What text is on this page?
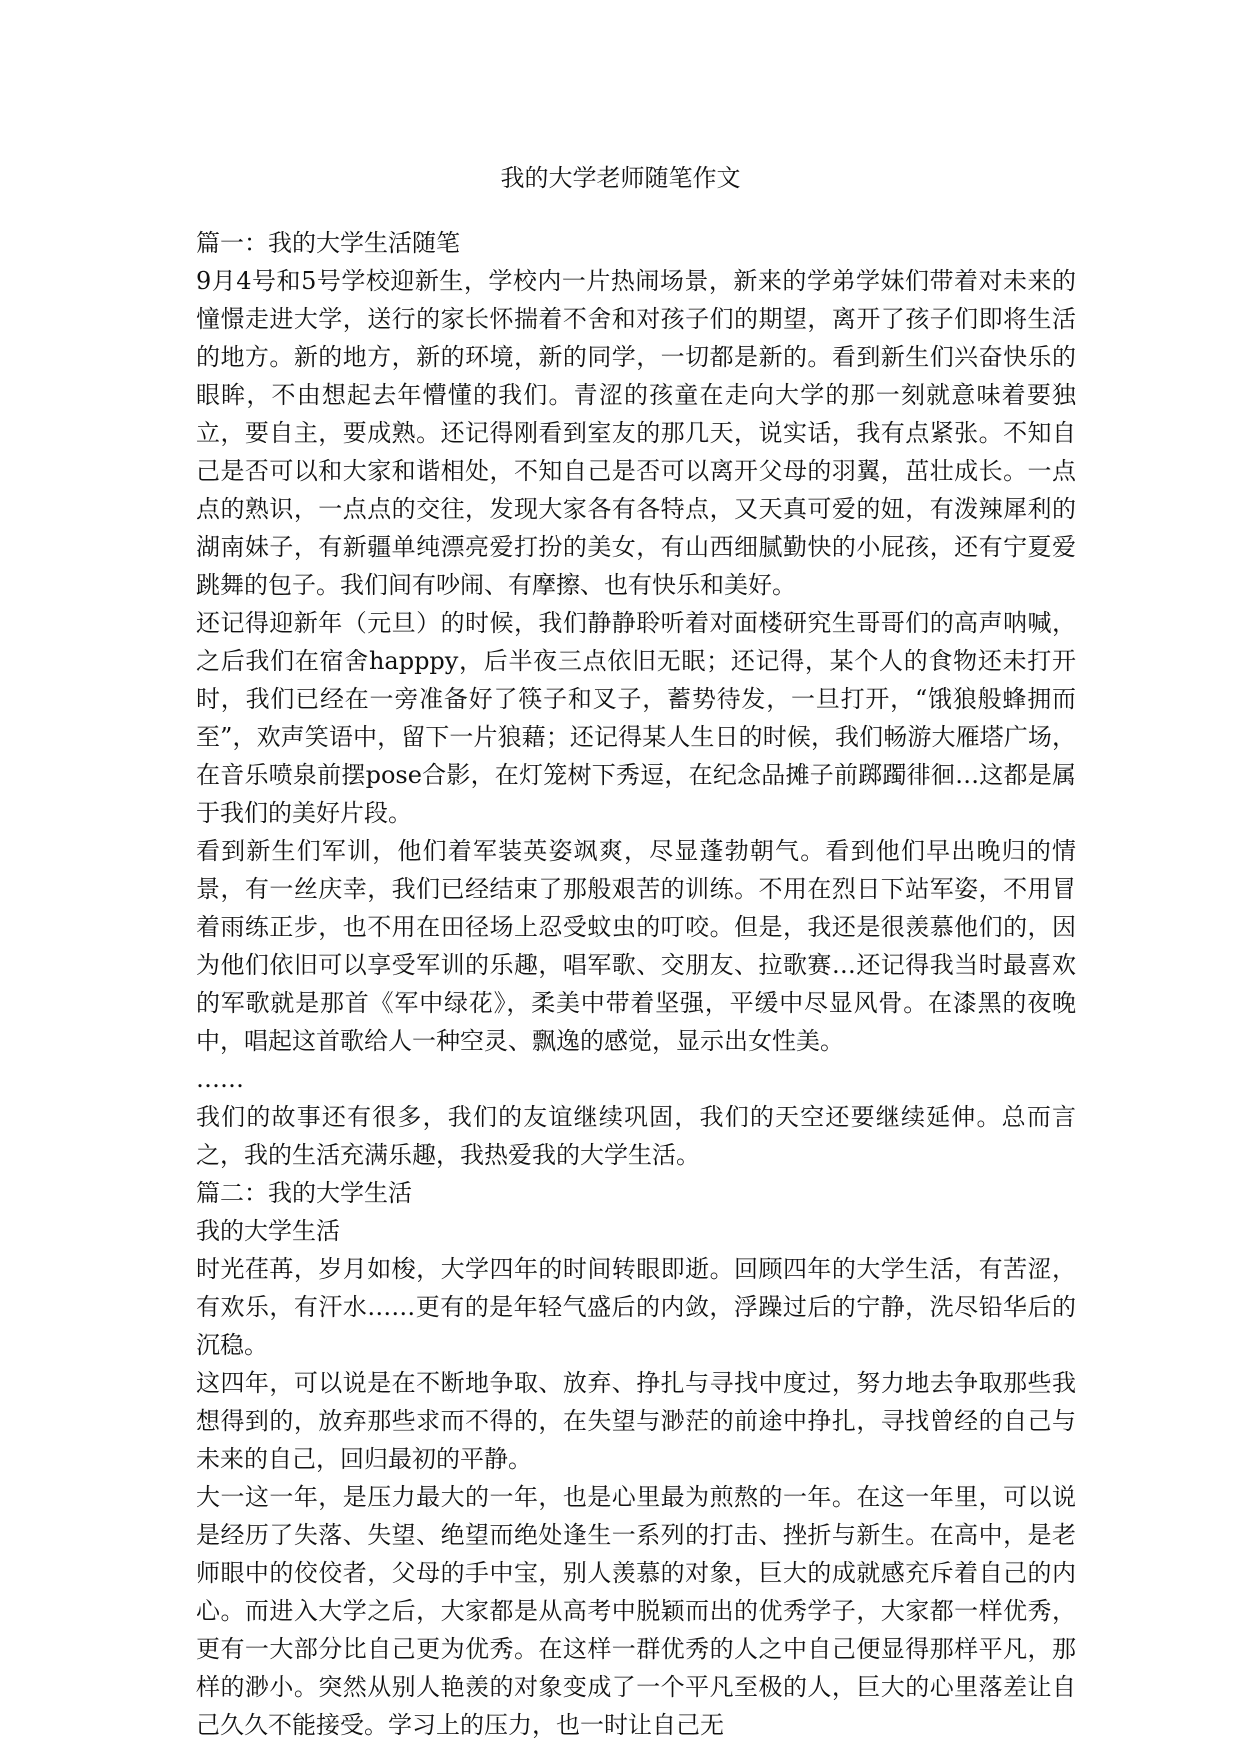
我的大学老师随笔作文

篇一：我的大学生活随笔

9月4号和5号学校迎新生，学校内一片热闹场景，新来的学弟学妹们带着对未来的憧憬走进大学，送行的家长怀揣着不舍和对孩子们的期望，离开了孩子们即将生活的地方。新的地方，新的环境，新的同学，一切都是新的。看到新生们兴奋快乐的眼眸，不由想起去年懵懂的我们。青涩的孩童在走向大学的那一刻就意味着要独立，要自主，要成熟。还记得刚看到室友的那几天，说实话，我有点紧张。不知自己是否可以和大家和谐相处，不知自己是否可以离开父母的羽翼，茁壮成长。一点点的熟识，一点点的交往，发现大家各有各特点，又天真可爱的妞，有泼辣犀利的湖南妹子，有新疆单纯漂亮爱打扮的美女，有山西细腻勤快的小屁孩，还有宁夏爱跳舞的包子。我们间有吵闹、有摩擦、也有快乐和美好。

还记得迎新年（元旦）的时候，我们静静聆听着对面楼研究生哥哥们的高声呐喊，之后我们在宿舍happpy，后半夜三点依旧无眠；还记得，某个人的食物还未打开时，我们已经在一旁准备好了筷子和叉子，蓄势待发，一旦打开，“饿狼般蜂拥而至”，欢声笑语中，留下一片狼藉；还记得某人生日的时候，我们畅游大雁塔广场，在音乐喷泉前摆pose合影，在灯笼树下秀逗，在纪念品摊子前踯躅徘徊…这都是属于我们的美好片段。

看到新生们军训，他们着军装英姿飒爽，尽显蓬勃朝气。看到他们早出晚归的情景，有一丝庆幸，我们已经结束了那般艰苦的训练。不用在烈日下站军姿，不用冒着雨练正步，也不用在田径场上忍受蚊虫的叮咬。但是，我还是很羡慕他们的，因为他们依旧可以享受军训的乐趣，唱军歌、交朋友、拉歌赛…还记得我当时最喜欢的军歌就是那首《军中绿花》，柔美中带着坚强，平缓中尽显风骨。在漆黑的夜晚中，唱起这首歌给人一种空灵、飘逸的感觉，显示出女性美。

……

我们的故事还有很多，我们的友谊继续巩固，我们的天空还要继续延伸。总而言之，我的生活充满乐趣，我热爱我的大学生活。

篇二：我的大学生活

我的大学生活

时光荏苒，岁月如梭，大学四年的时间转眼即逝。回顾四年的大学生活，有苦涩，有欢乐，有汗水……更有的是年轻气盛后的内敛，浮躁过后的宁静，洗尽铅华后的沉稳。

这四年，可以说是在不断地争取、放弃、挣扎与寻找中度过，努力地去争取那些我想得到的，放弃那些求而不得的，在失望与渺茫的前途中挣扎，寻找曾经的自己与未来的自己，回归最初的平静。

大一这一年，是压力最大的一年，也是心里最为煎熬的一年。在这一年里，可以说是经历了失落、失望、绝望而绝处逢生一系列的打击、挫折与新生。在高中，是老师眼中的佼佼者，父母的手中宝，别人羡慕的对象，巨大的成就感充斥着自己的内心。而进入大学之后，大家都是从高考中脱颖而出的优秀学子，大家都一样优秀，更有一大部分比自己更为优秀。在这样一群优秀的人之中自己便显得那样平凡，那样的渺小。突然从别人艳羡的对象变成了一个平凡至极的人，巨大的心里落差让自己久久不能接受。学习上的压力，也一时让自己无
